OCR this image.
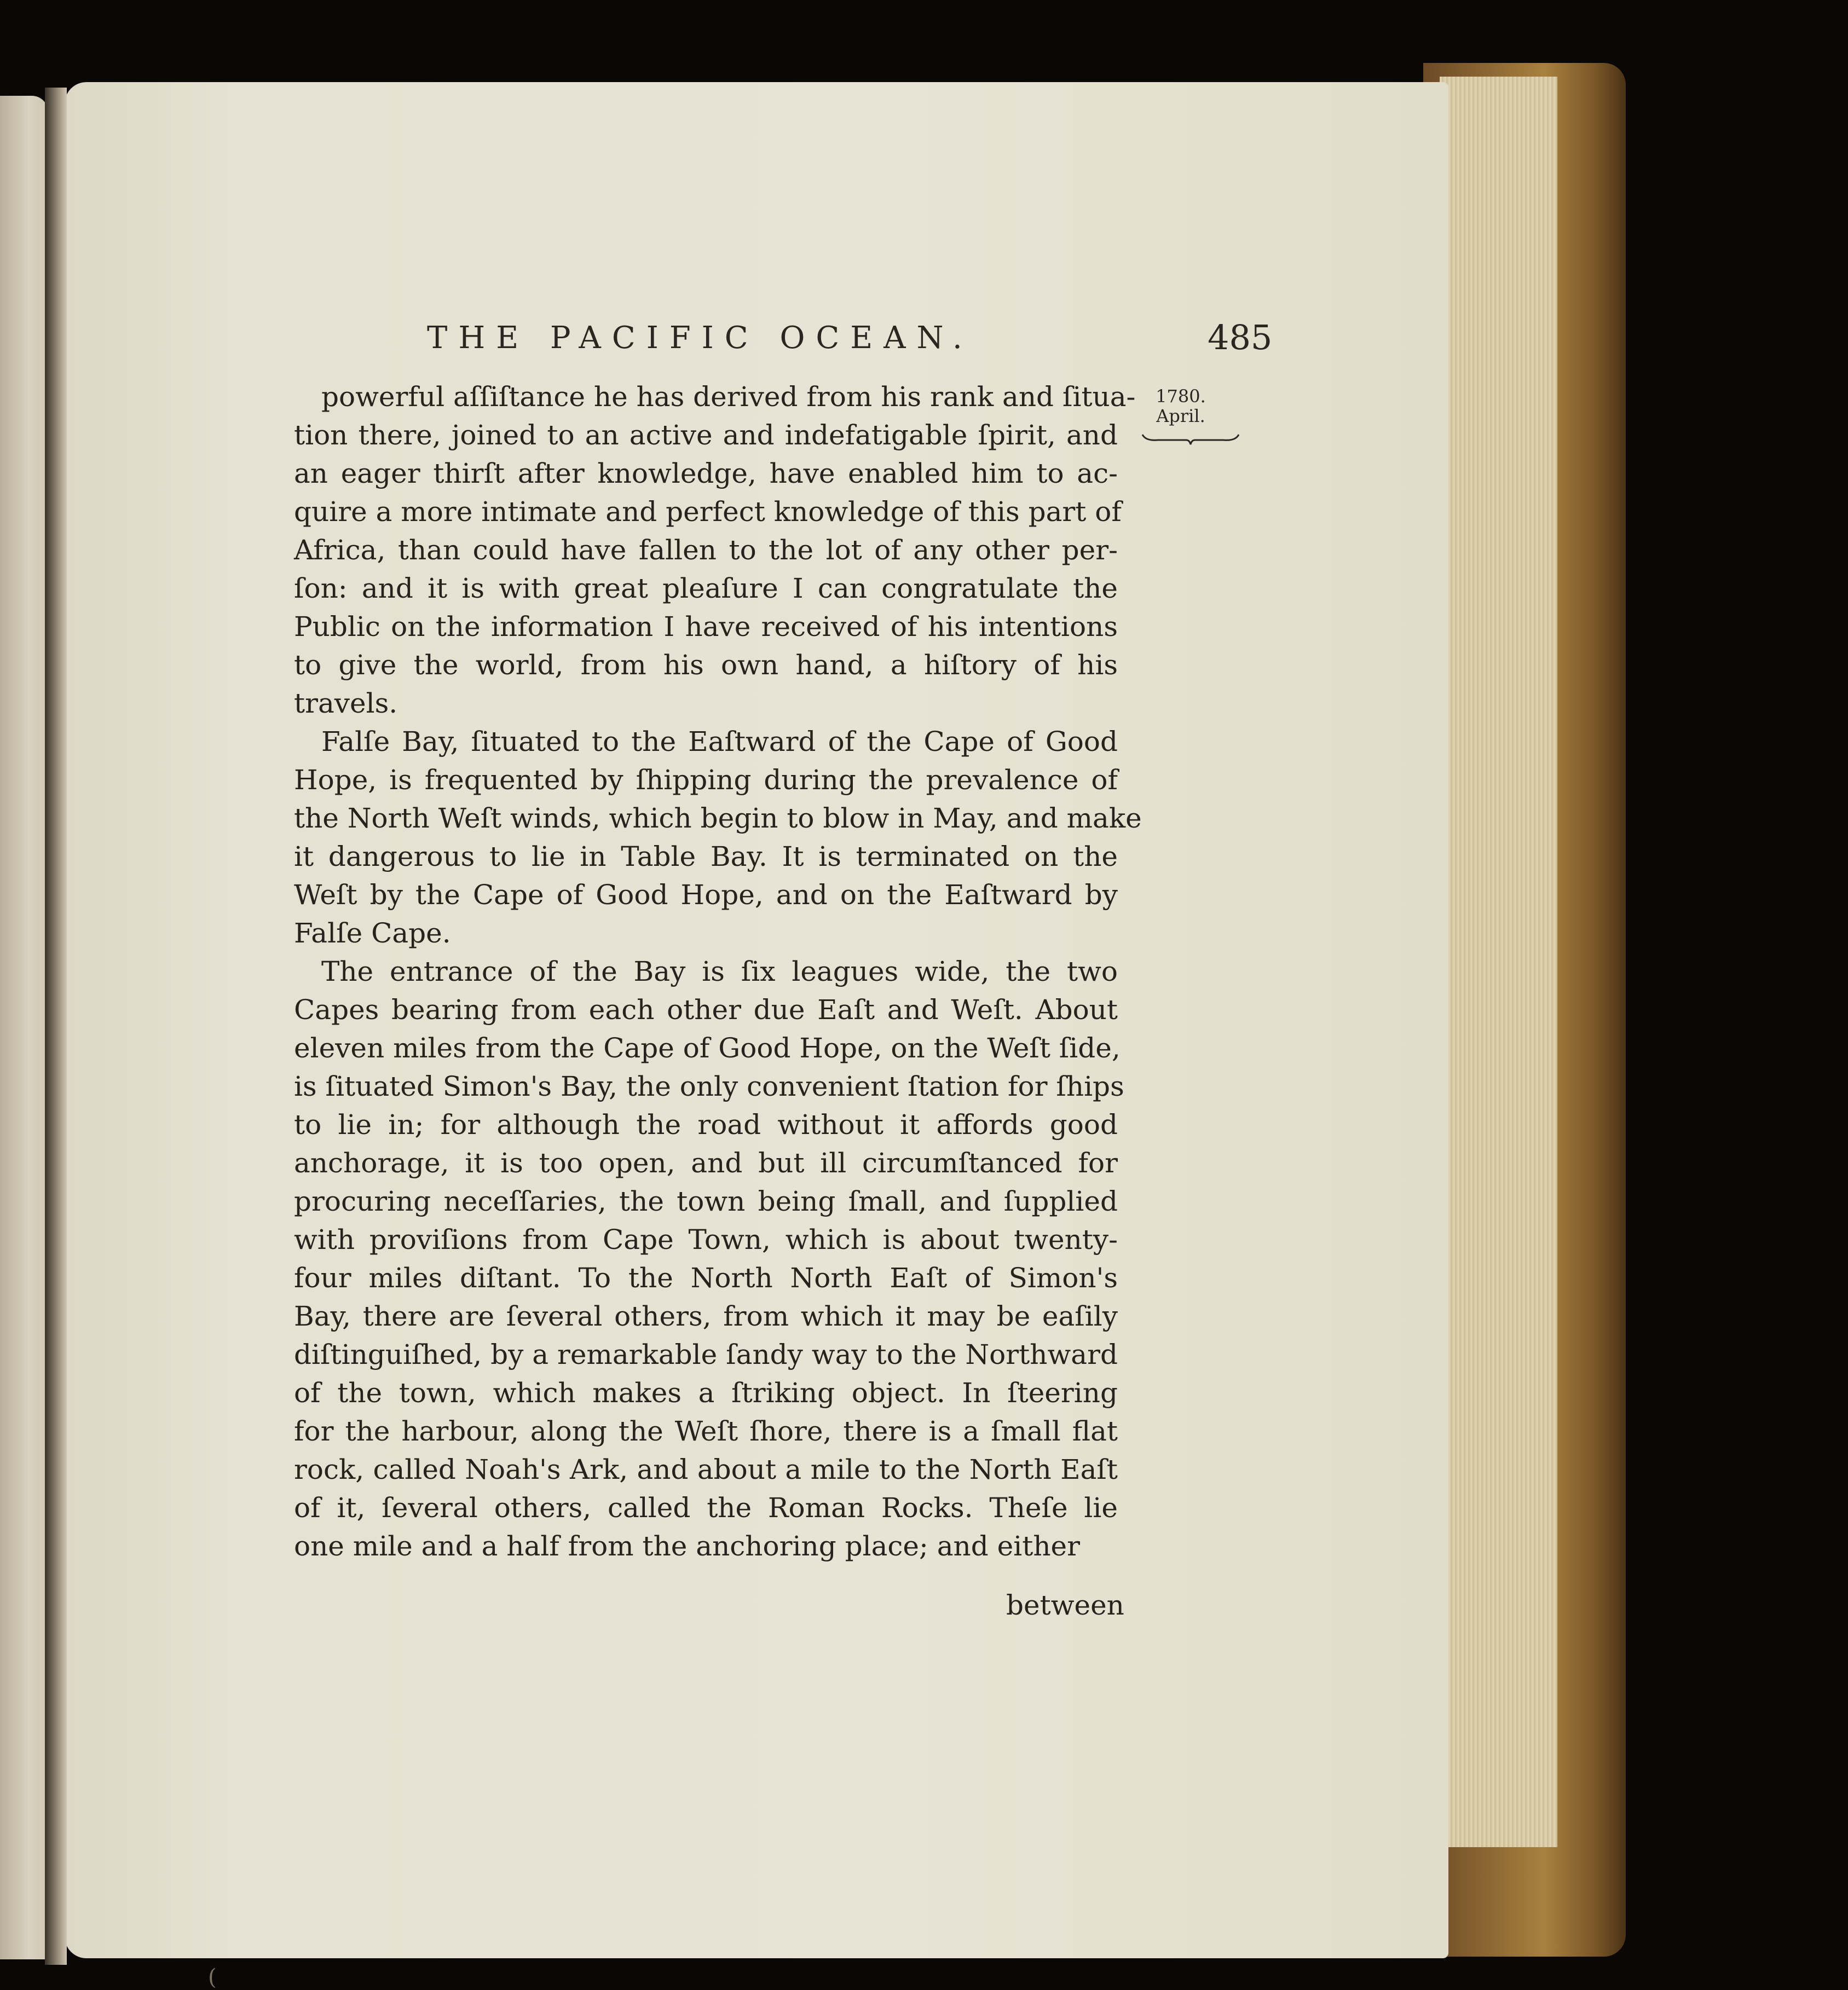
THE PACIFIC OCEAN.	485
1780.
April.

powerful aſſiſtance he has derived from his rank and ſitua-
tion there, joined to an active and indefatigable ſpirit, and
an eager thirſt after knowledge, have enabled him to ac-
quire a more intimate and perfect knowledge of this part of
Africa, than could have fallen to the lot of any other per-
ſon: and it is with great pleaſure I can congratulate the
Public on the information I have received of his intentions
to give the world, from his own hand, a hiſtory of his
travels.

Falſe Bay, ſituated to the Eaſtward of the Cape of Good
Hope, is frequented by ſhipping during the prevalence of
the North Weſt winds, which begin to blow in May, and make
it dangerous to lie in Table Bay. It is terminated on the
Weſt by the Cape of Good Hope, and on the Eaſtward by
Falſe Cape.

The entrance of the Bay is ſix leagues wide, the two
Capes bearing from each other due Eaſt and Weſt. About
eleven miles from the Cape of Good Hope, on the Weſt ſide,
is ſituated Simon's Bay, the only convenient ſtation for ſhips
to lie in; for although the road without it affords good
anchorage, it is too open, and but ill circumſtanced for
procuring neceſſaries, the town being ſmall, and ſupplied
with proviſions from Cape Town, which is about twenty-
four miles diſtant. To the North North Eaſt of Simon's
Bay, there are ſeveral others, from which it may be eaſily
diſtinguiſhed, by a remarkable ſandy way to the Northward
of the town, which makes a ſtriking object. In ſteering
for the harbour, along the Weſt ſhore, there is a ſmall flat
rock, called Noah's Ark, and about a mile to the North Eaſt
of it, ſeveral others, called the Roman Rocks. Theſe lie
one mile and a half from the anchoring place; and either

between
(
